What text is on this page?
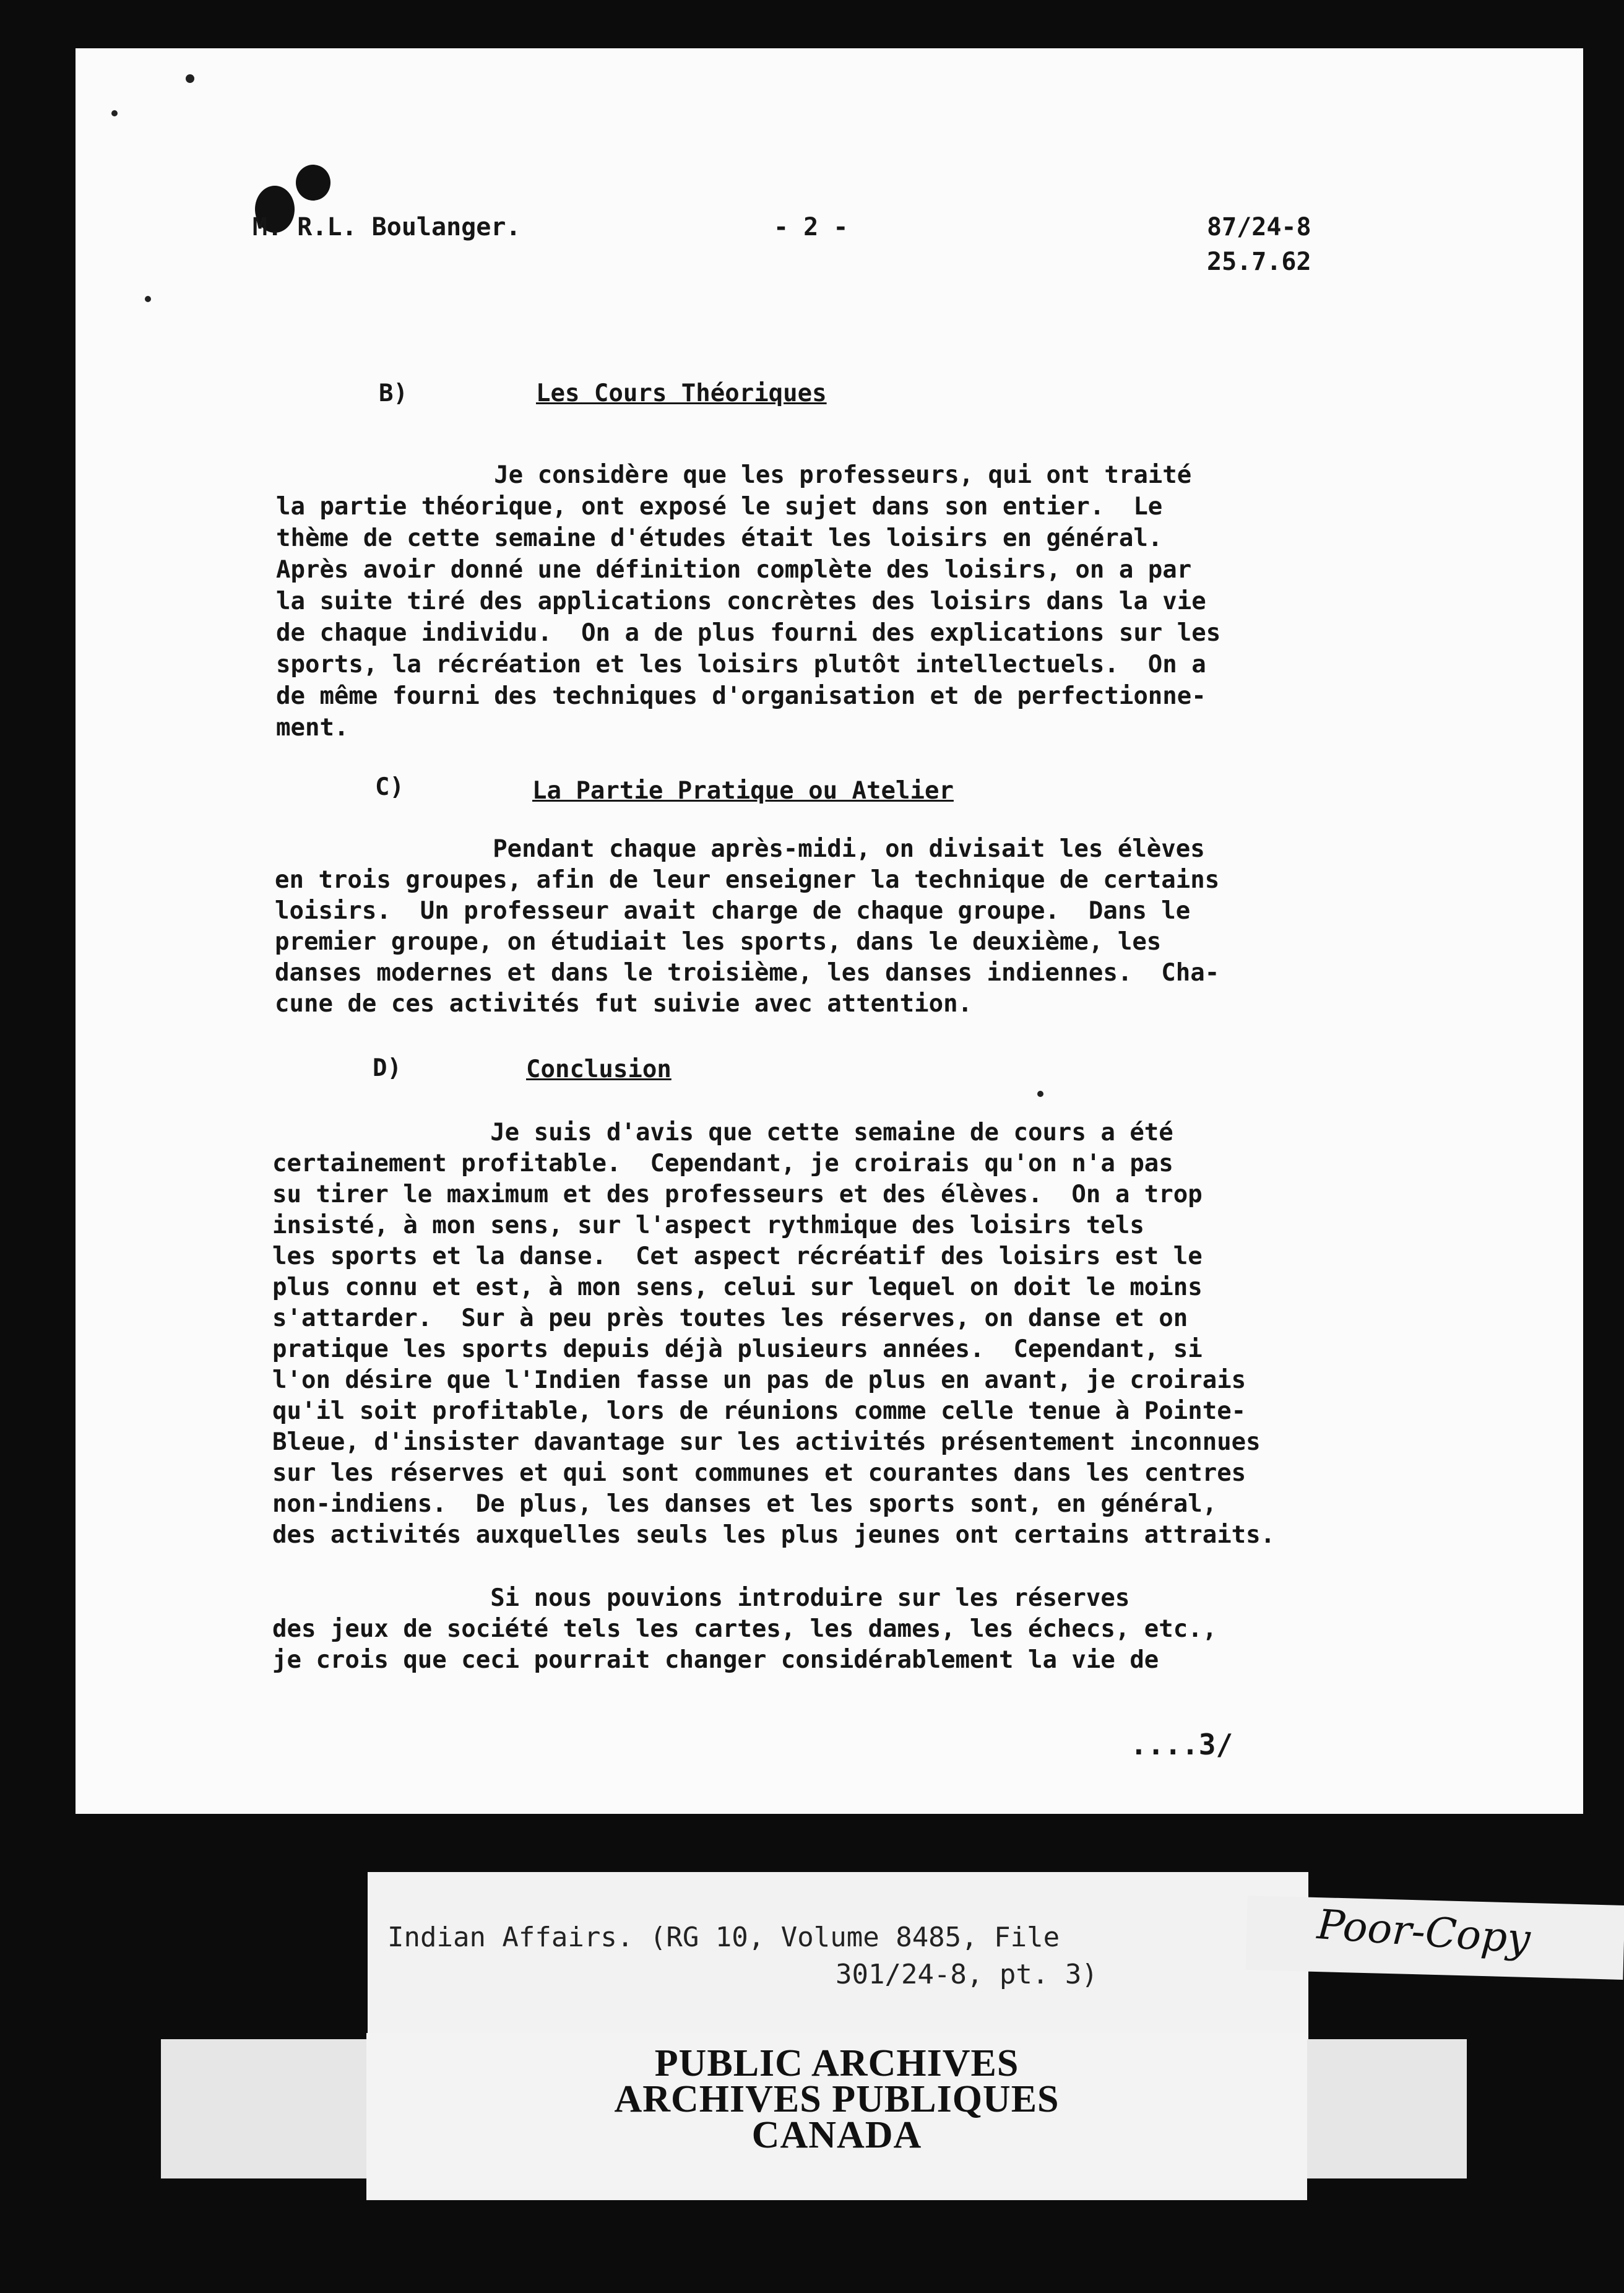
M. R.L. Boulanger.	- 2 -	87/24-8
25.7.62
B)	Les Cours Théoriques
Je considère que les professeurs, qui ont traité
la partie théorique, ont exposé le sujet dans son entier.  Le
thème de cette semaine d'études était les loisirs en général.
Après avoir donné une définition complète des loisirs, on a par
la suite tiré des applications concrètes des loisirs dans la vie
de chaque individu.  On a de plus fourni des explications sur les
sports, la récréation et les loisirs plutôt intellectuels.  On a
de même fourni des techniques d'organisation et de perfectionne-
ment.
C)	La Partie Pratique ou Atelier
Pendant chaque après-midi, on divisait les élèves
en trois groupes, afin de leur enseigner la technique de certains
loisirs.  Un professeur avait charge de chaque groupe.  Dans le
premier groupe, on étudiait les sports, dans le deuxième, les
danses modernes et dans le troisième, les danses indiennes.  Cha-
cune de ces activités fut suivie avec attention.
D)	Conclusion
Je suis d'avis que cette semaine de cours a été
certainement profitable.  Cependant, je croirais qu'on n'a pas
su tirer le maximum et des professeurs et des élèves.  On a trop
insisté, à mon sens, sur l'aspect rythmique des loisirs tels
les sports et la danse.  Cet aspect récréatif des loisirs est le
plus connu et est, à mon sens, celui sur lequel on doit le moins
s'attarder.  Sur à peu près toutes les réserves, on danse et on
pratique les sports depuis déjà plusieurs années.  Cependant, si
l'on désire que l'Indien fasse un pas de plus en avant, je croirais
qu'il soit profitable, lors de réunions comme celle tenue à Pointe-
Bleue, d'insister davantage sur les activités présentement inconnues
sur les réserves et qui sont communes et courantes dans les centres
non-indiens.  De plus, les danses et les sports sont, en général,
des activités auxquelles seuls les plus jeunes ont certains attraits.
Si nous pouvions introduire sur les réserves
des jeux de société tels les cartes, les dames, les échecs, etc.,
je crois que ceci pourrait changer considérablement la vie de
....3/
Indian Affairs. (RG 10, Volume 8485, File
301/24-8, pt. 3)
Poor-Copy
PUBLIC ARCHIVES
ARCHIVES PUBLIQUES
CANADA
